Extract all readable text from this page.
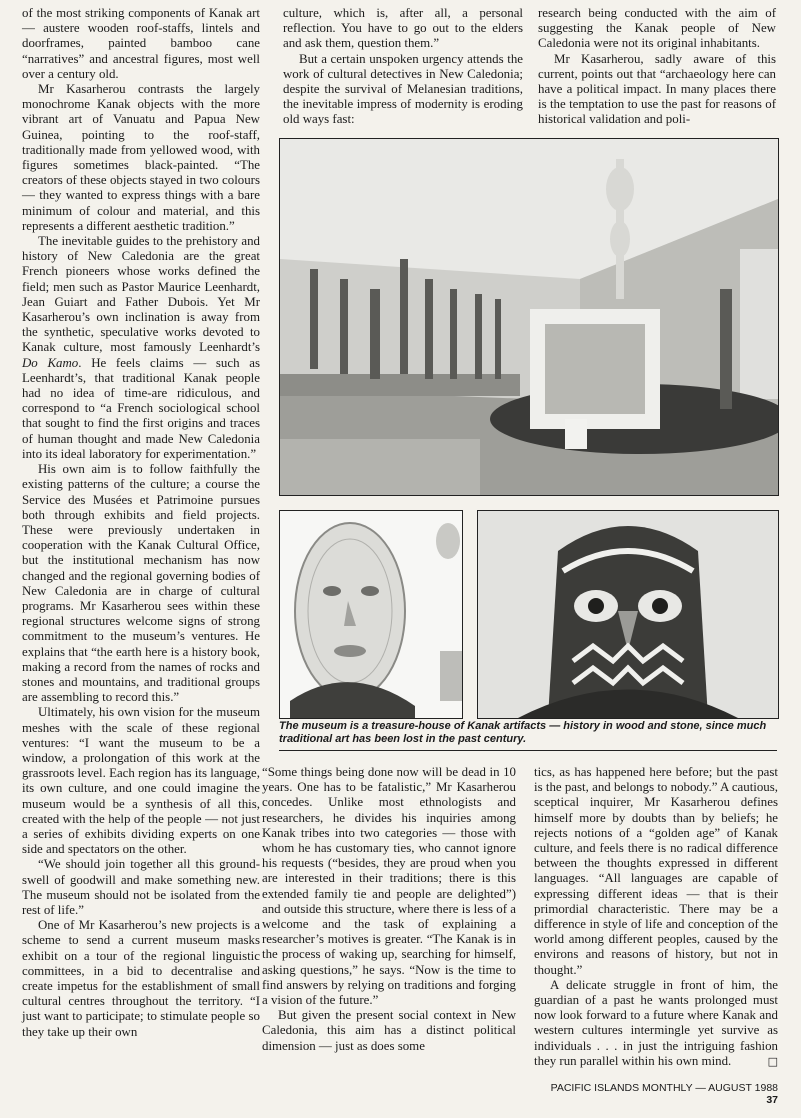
of the most striking components of Kanak art — austere wooden roof-staffs, lintels and doorframes, painted bamboo cane “narratives” and ancestral figures, most well over a century old.

Mr Kasarherou contrasts the largely monochrome Kanak objects with the more vibrant art of Vanuatu and Papua New Guinea, pointing to the roof-staff, traditionally made from yellowed wood, with figures sometimes black-painted. “The creators of these objects stayed in two colours — they wanted to express things with a bare minimum of colour and material, and this represents a different aesthetic tradition.”

The inevitable guides to the prehistory and history of New Caledonia are the great French pioneers whose works defined the field; men such as Pastor Maurice Leenhardt, Jean Guiart and Father Dubois. Yet Mr Kasarherou’s own inclination is away from the synthetic, speculative works devoted to Kanak culture, most famously Leenhardt’s Do Kamo. He feels claims — such as Leenhardt’s, that traditional Kanak people had no idea of time-are ridiculous, and correspond to “a French sociological school that sought to find the first origins and traces of human thought and made New Caledonia into its ideal laboratory for experimentation.”

His own aim is to follow faithfully the existing patterns of the culture; a course the Service des Musées et Patrimoine pursues both through exhibits and field projects. These were previously undertaken in cooperation with the Kanak Cultural Office, but the institutional mechanism has now changed and the regional governing bodies of New Caledonia are in charge of cultural programs. Mr Kasarherou sees within these regional structures welcome signs of strong commitment to the museum’s ventures. He explains that “the earth here is a history book, making a record from the names of rocks and stones and mountains, and traditional groups are assembling to record this.”

Ultimately, his own vision for the museum meshes with the scale of these regional ventures: “I want the museum to be a window, a prolongation of this work at the grassroots level. Each region has its language, its own culture, and one could imagine the museum would be a synthesis of all this, created with the help of the people — not just a series of exhibits dividing experts on one side and spectators on the other.

“We should join together all this ground-swell of goodwill and make something new. The museum should not be isolated from the rest of life.”

One of Mr Kasarherou’s new projects is a scheme to send a current museum masks exhibit on a tour of the regional linguistic committees, in a bid to decentralise and create impetus for the establishment of small cultural centres throughout the territory. “I just want to participate; to stimulate people so they take up their own

culture, which is, after all, a personal reflection. You have to go out to the elders and ask them, question them.”

But a certain unspoken urgency attends the work of cultural detectives in New Caledonia; despite the survival of Melanesian traditions, the inevitable impress of modernity is eroding old ways fast:

research being conducted with the aim of suggesting the Kanak people of New Caledonia were not its original inhabitants.

Mr Kasarherou, sadly aware of this current, points out that “archaeology here can have a political impact. In many places there is the temptation to use the past for reasons of historical validation and poli-

The museum is a treasure-house of Kanak artifacts — history in wood and stone, since much traditional art has been lost in the past century.

“Some things being done now will be dead in 10 years. One has to be fatalistic,” Mr Kasarherou concedes. Unlike most ethnologists and researchers, he divides his inquiries among Kanak tribes into two categories — those with whom he has customary ties, who cannot ignore his requests (“besides, they are proud when you are interested in their traditions; there is this extended family tie and people are delighted”) and outside this structure, where there is less of a welcome and the task of explaining a researcher’s motives is greater. “The Kanak is in the process of waking up, searching for himself, asking questions,” he says. “Now is the time to find answers by relying on traditions and forging a vision of the future.”

But given the present social context in New Caledonia, this aim has a distinct political dimension — just as does some

tics, as has happened here before; but the past is the past, and belongs to nobody.” A cautious, sceptical inquirer, Mr Kasarherou defines himself more by doubts than by beliefs; he rejects notions of a “golden age” of Kanak culture, and feels there is no radical difference between the thoughts expressed in different languages. “All languages are capable of expressing different ideas — that is their primordial characteristic. There may be a difference in style of life and conception of the world among different peoples, caused by the environs and reasons of history, but not in thought.”

A delicate struggle in front of him, the guardian of a past he wants prolonged must now look forward to a future where Kanak and western cultures intermingle yet survive as individuals . . . in just the intriguing fashion they run parallel within his own mind.	□

PACIFIC ISLANDS MONTHLY — AUGUST 1988 37
